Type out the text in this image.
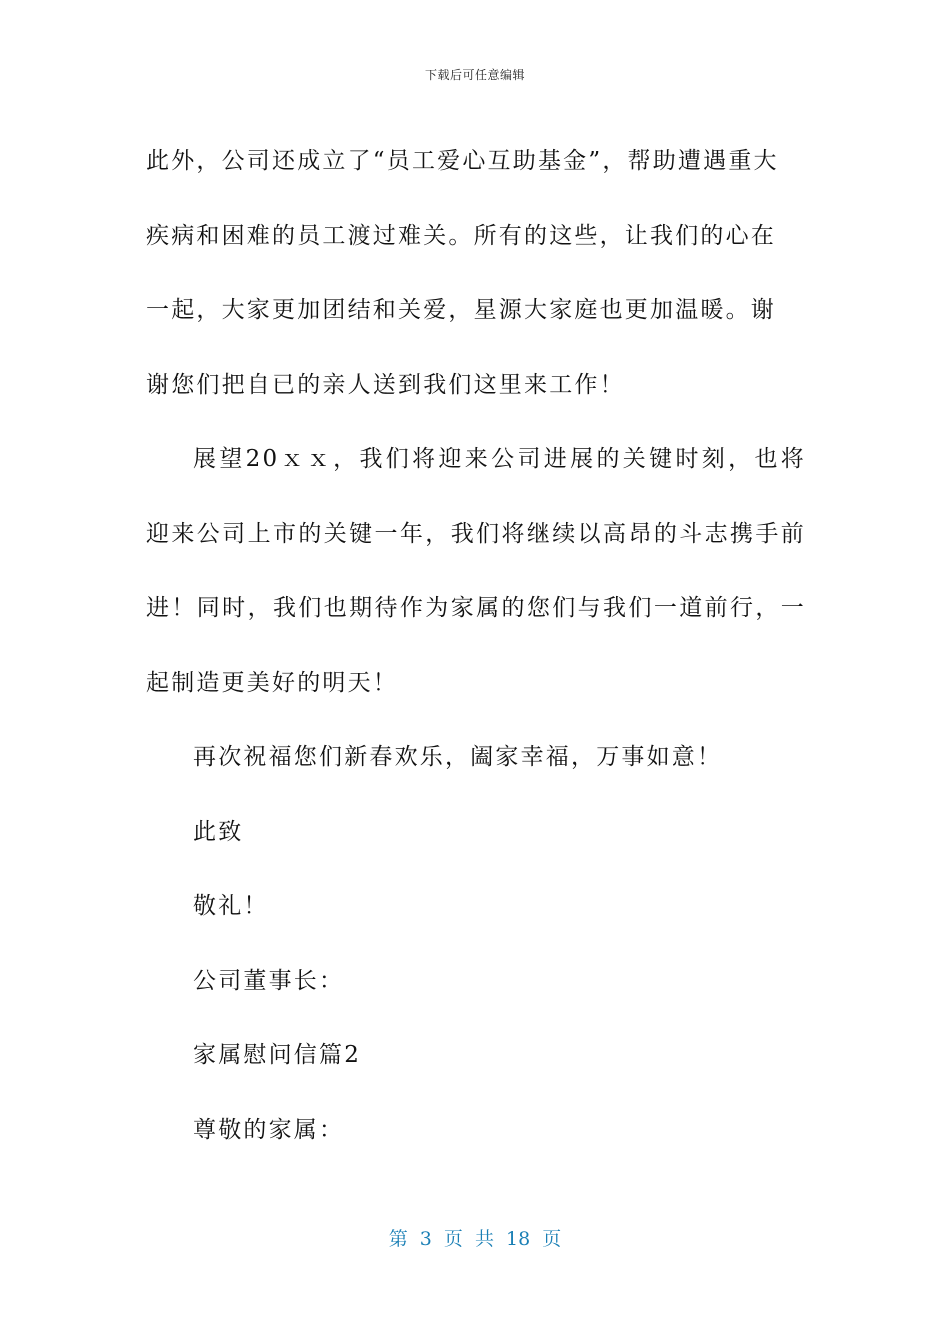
下载后可任意编辑

此外，公司还成立了“员工爱心互助基金”，帮助遭遇重大疾病和困难的员工渡过难关。所有的这些，让我们的心在一起，大家更加团结和关爱，星源大家庭也更加温暖。谢谢您们把自已的亲人送到我们这里来工作！

展望20ｘｘ，我们将迎来公司进展的关键时刻，也将迎来公司上市的关键一年，我们将继续以高昂的斗志携手前进！同时，我们也期待作为家属的您们与我们一道前行，一起制造更美好的明天！

再次祝福您们新春欢乐，阖家幸福，万事如意！

此致

敬礼！

公司董事长：

家属慰问信篇2

尊敬的家属：

第 3 页 共 18 页
